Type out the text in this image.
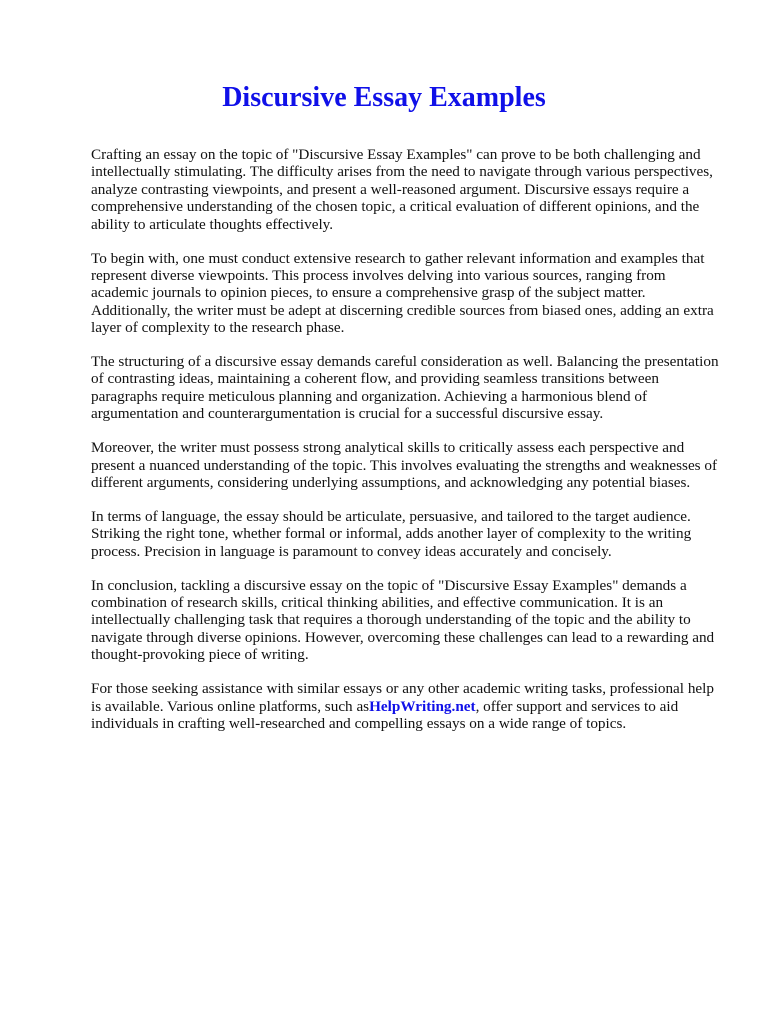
Discursive Essay Examples

Crafting an essay on the topic of "Discursive Essay Examples" can prove to be both challenging and intellectually stimulating. The difficulty arises from the need to navigate through various perspectives, analyze contrasting viewpoints, and present a well-reasoned argument. Discursive essays require a comprehensive understanding of the chosen topic, a critical evaluation of different opinions, and the ability to articulate thoughts effectively.

To begin with, one must conduct extensive research to gather relevant information and examples that represent diverse viewpoints. This process involves delving into various sources, ranging from academic journals to opinion pieces, to ensure a comprehensive grasp of the subject matter. Additionally, the writer must be adept at discerning credible sources from biased ones, adding an extra layer of complexity to the research phase.

The structuring of a discursive essay demands careful consideration as well. Balancing the presentation of contrasting ideas, maintaining a coherent flow, and providing seamless transitions between paragraphs require meticulous planning and organization. Achieving a harmonious blend of argumentation and counterargumentation is crucial for a successful discursive essay.

Moreover, the writer must possess strong analytical skills to critically assess each perspective and present a nuanced understanding of the topic. This involves evaluating the strengths and weaknesses of different arguments, considering underlying assumptions, and acknowledging any potential biases.

In terms of language, the essay should be articulate, persuasive, and tailored to the target audience. Striking the right tone, whether formal or informal, adds another layer of complexity to the writing process. Precision in language is paramount to convey ideas accurately and concisely.

In conclusion, tackling a discursive essay on the topic of "Discursive Essay Examples" demands a combination of research skills, critical thinking abilities, and effective communication. It is an intellectually challenging task that requires a thorough understanding of the topic and the ability to navigate through diverse opinions. However, overcoming these challenges can lead to a rewarding and thought-provoking piece of writing.

For those seeking assistance with similar essays or any other academic writing tasks, professional help is available. Various online platforms, such asHelpWriting.net, offer support and services to aid individuals in crafting well-researched and compelling essays on a wide range of topics.
